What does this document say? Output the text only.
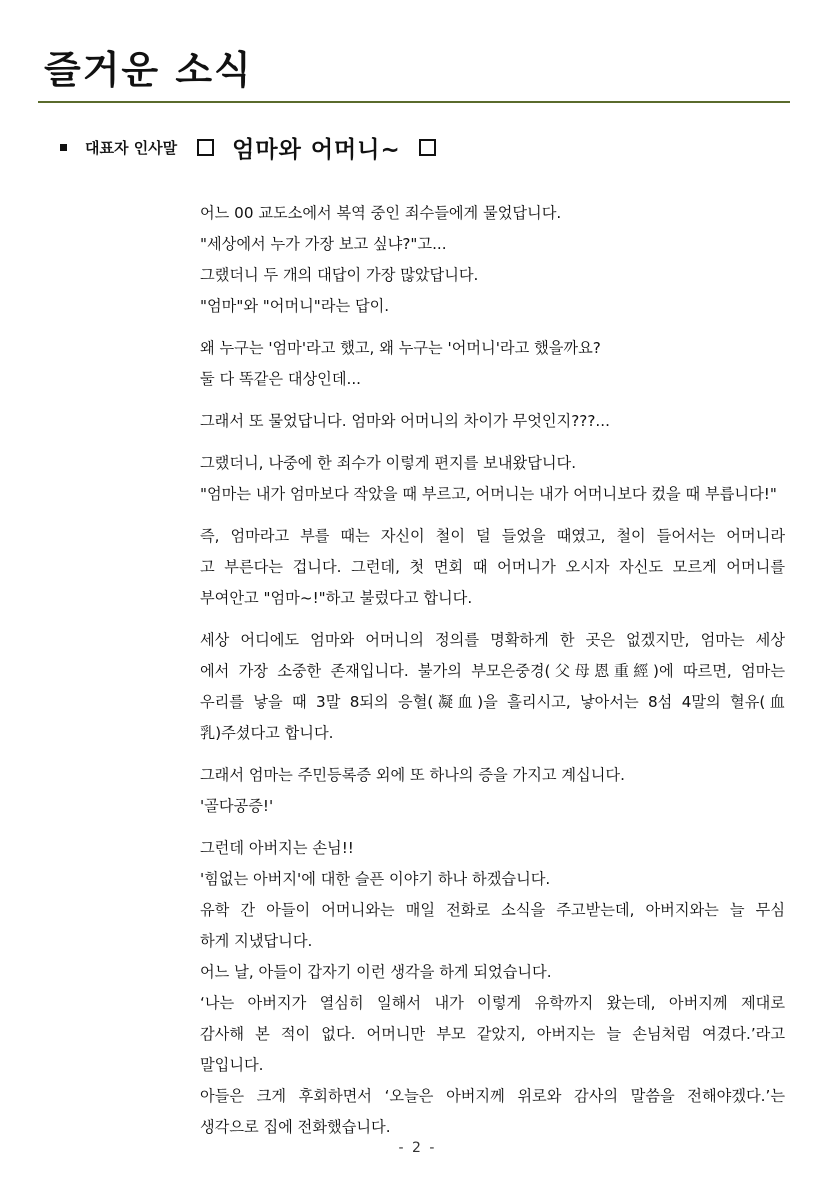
즐거운 소식
대표자 인사말 엄마와 어머니~

어느 00 교도소에서 복역 중인 죄수들에게 물었답니다.
"세상에서 누가 가장 보고 싶냐?"고...
그랬더니 두 개의 대답이 가장 많았답니다.
"엄마"와 "어머니"라는 답이.

왜 누구는 '엄마'라고 했고, 왜 누구는 '어머니'라고 했을까요?
둘 다 똑같은 대상인데...

그래서 또 물었답니다. 엄마와 어머니의 차이가 무엇인지???...

그랬더니, 나중에 한 죄수가 이렇게 편지를 보내왔답니다.
"엄마는 내가 엄마보다 작았을 때 부르고, 어머니는 내가 어머니보다 컸을 때 부릅니다!"

즉, 엄마라고 부를 때는 자신이 철이 덜 들었을 때였고, 철이 들어서는 어머니라
고 부른다는 겁니다. 그런데, 첫 면회 때 어머니가 오시자 자신도 모르게 어머니를
부여안고 "엄마~!"하고 불렀다고 합니다.

세상 어디에도 엄마와 어머니의 정의를 명확하게 한 곳은 없겠지만, 엄마는 세상
에서 가장 소중한 존재입니다. 불가의 부모은중경(父母恩重經)에 따르면, 엄마는
우리를 낳을 때 3말 8되의 응혈(凝血)을 흘리시고, 낳아서는 8섬 4말의 혈유(血
乳)주셨다고 합니다.

그래서 엄마는 주민등록증 외에 또 하나의 증을 가지고 계십니다.
'골다공증!'

그런데 아버지는 손님!!
'힘없는 아버지'에 대한 슬픈 이야기 하나 하겠습니다.
유학 간 아들이 어머니와는 매일 전화로 소식을 주고받는데, 아버지와는 늘 무심
하게 지냈답니다.
어느 날, 아들이 갑자기 이런 생각을 하게 되었습니다.
‘나는 아버지가 열심히 일해서 내가 이렇게 유학까지 왔는데, 아버지께 제대로
감사해 본 적이 없다. 어머니만 부모 같았지, 아버지는 늘 손님처럼 여겼다.’라고
말입니다.
아들은 크게 후회하면서 ‘오늘은 아버지께 위로와 감사의 말씀을 전해야겠다.’는
생각으로 집에 전화했습니다.

- 2 -
